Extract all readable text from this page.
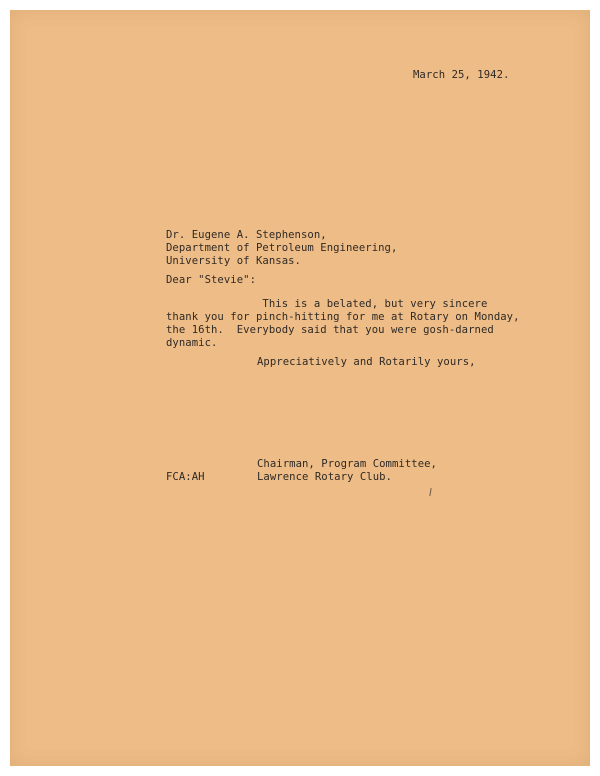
March 25, 1942.
Dr. Eugene A. Stephenson,
Department of Petroleum Engineering,
University of Kansas.
Dear "Stevie":
This is a belated, but very sincere
thank you for pinch-hitting for me at Rotary on Monday,
the 16th.  Everybody said that you were gosh-darned
dynamic.
Appreciatively and Rotarily yours,
Chairman, Program Committee,
Lawrence Rotary Club.
FCA:AH
